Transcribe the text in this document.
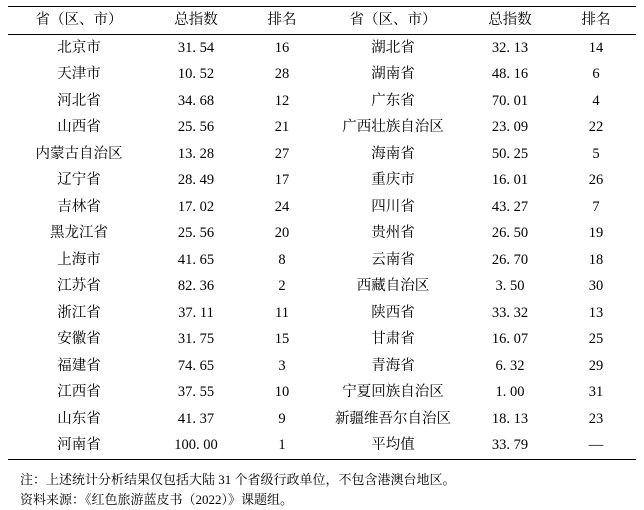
省（区、市）	总指数	排名	省（区、市）	总指数	排名
北京市	31. 54	16	湖北省	32. 13	14
天津市	10. 52	28	湖南省	48. 16	6
河北省	34. 68	12	广东省	70. 01	4
山西省	25. 56	21	广西壮族自治区	23. 09	22
内蒙古自治区	13. 28	27	海南省	50. 25	5
辽宁省	28. 49	17	重庆市	16. 01	26
吉林省	17. 02	24	四川省	43. 27	7
黑龙江省	25. 56	20	贵州省	26. 50	19
上海市	41. 65	8	云南省	26. 70	18
江苏省	82. 36	2	西藏自治区	3. 50	30
浙江省	37. 11	11	陕西省	33. 32	13
安徽省	31. 75	15	甘肃省	16. 07	25
福建省	74. 65	3	青海省	6. 32	29
江西省	37. 55	10	宁夏回族自治区	1. 00	31
山东省	41. 37	9	新疆维吾尔自治区	18. 13	23
河南省	100. 00	1	平均值	33. 79	—
注：上述统计分析结果仅包括大陆 31 个省级行政单位，不包含港澳台地区。
资料来源：《红色旅游蓝皮书（2022）》课题组。
